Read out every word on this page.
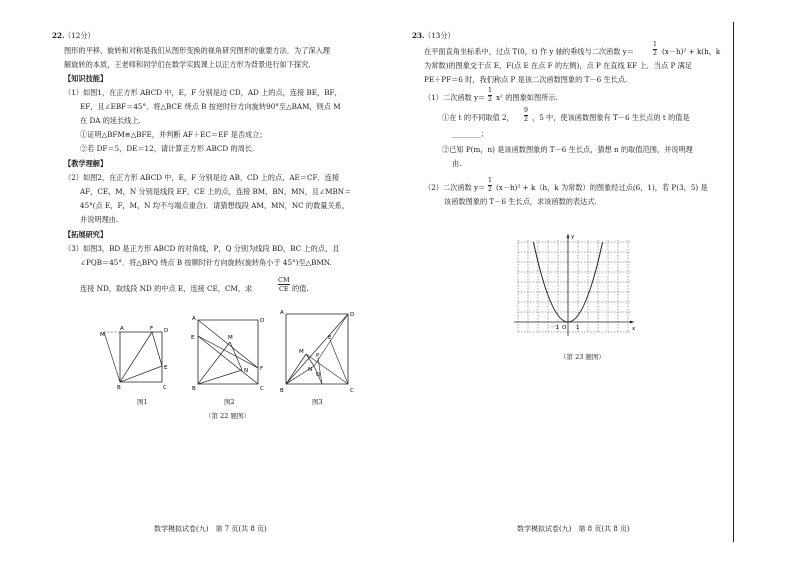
22. （12分）
图形的平移、旋转和对称是我们从图形变换的视角研究图形的重要方法．为了深入理
解旋转的本质，王老师和同学们在数学实践课上以正方形为背景进行如下探究.
【知识技能】
（1）如图1，在正方形 ABCD 中，E，F 分别是边 CD，AD 上的点，连接 BE，BF，
EF，且∠EBF＝45°．将△BCE 绕点 B 按逆时针方向旋转90°至△BAM，则点 M
在 DA 的延长线上.
①证明△BFM≌△BFE，并判断 AF＋EC＝EF 是否成立；
②若 DF＝5，DE＝12，请计算正方形 ABCD 的周长.
【教学理解】
（2）如图2，在正方形 ABCD 中，E，F 分别是边 AB，CD 上的点，AE＝CF．连接
AF，CE，M，N 分别是线段 EF，CE 上的点，连接 BM，BN，MN，且∠MBN＝
45°(点 E，F，M，N 均不与端点重合)．请猜想线段 AM，MN，NC 的数量关系，
并说明理由.
【拓展研究】
（3）如图3，BD 是正方形 ABCD 的对角线，P，Q 分别为线段 BD，BC 上的点，且
∠PQB＝45°．将△BPQ 绕点 B 按顺时针方向旋转(旋转角小于 45°)至△BMN.
连接 ND，取线段 ND 的中点 E，连接 CE，CM，求	$\frac{CM}{CE}$ 的值.
M
A	F D
E
B	C
图1
A	D
E	M
N F
B	C
图2
A	D
M
P
E
N
Q
B	C
图3
（第 22 题图）
数学模拟试卷(九)　第 7 页(共 8 页)
23. （13分）
在平面直角坐标系中，过点 T(0，t) 作 y 轴的垂线与二次函数 y＝	$\frac{1}{2} (x-h)^2 + k(h$，k
为常数)的图象交于点 E，F(点 E 在点 F 的左侧)，点 P 在直线 EF 上．当点 P 满足
PE＋PF＝6 时，我们称点 P 是该二次函数图象的 T－6 生长点.
（1）二次函数 $y= \frac{1}{2} x^2$ 的图象如图所示.
①在 t 的不同取值 2， $\frac{9}{2}$ ，5 中，使该函数图象有 T－6 生长点的 t 的值是
________；
②已知 P(m，n) 是该函数图象的 T－6 生长点，猜想 n 的取值范围，并说明理
由.
（2）二次函数 $y= \frac{1}{2} (x-h)^2 + k(h$，k 为常数）的图象经过点(6，1)，若 P(3，5) 是
该函数图象的 T－6 生长点，求该函数的表达式.
y
x
O
－1	1
（第 23 题图）
数学模拟试卷(九)　第 8 页(共 8 页)
